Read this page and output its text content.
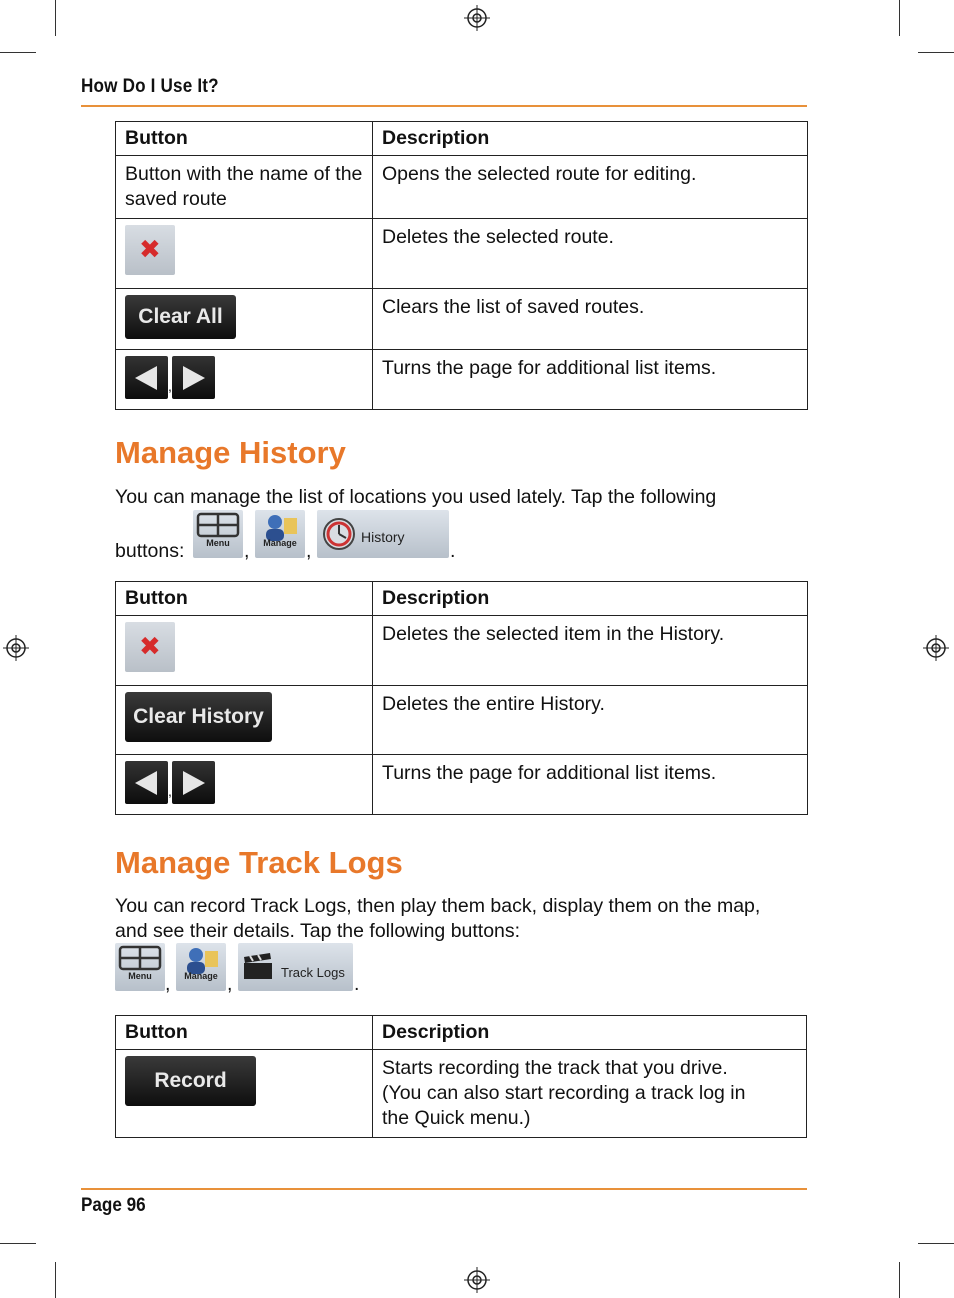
How Do I Use It?
Button	Description
Button with the name of the saved route	Opens the selected route for editing.

✖	Deletes the selected route.
Clear All	Clears the list of saved routes.

,	Turns the page for additional list items.
Manage History
You can manage the list of locations you used lately. Tap the following
buttons:	Menu ,	Manage ,
History
.
Button	Description

✖	Deletes the selected item in the History.
Clear History	Deletes the entire History.

,	Turns the page for additional list items.
Manage Track Logs
You can record Track Logs, then play them back, display them on the map,
and see their details. Tap the following buttons:
Menu ,	Manage ,
Track Logs
.
Button	Description
Record	Starts recording the track that you drive.
(You can also start recording a track log in
the Quick menu.)
Page 96
